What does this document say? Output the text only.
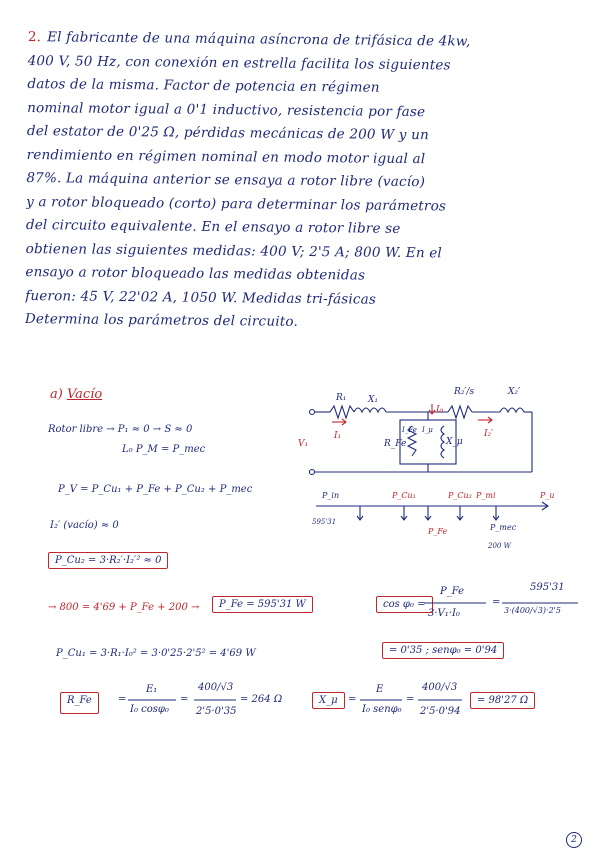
2. El fabricante de una máquina asíncrona de trifásica de 4kw,
400 V, 50 Hz, con conexión en estrella facilita los siguientes
datos de la misma. Factor de potencia en régimen
nominal motor igual a 0'1 inductivo, resistencia por fase
del estator de 0'25 Ω, pérdidas mecánicas de 200 W y un
rendimiento en régimen nominal en modo motor igual al
87%. La máquina anterior se ensaya a rotor libre (vacío)
y a rotor bloqueado (corto) para determinar los parámetros
del circuito equivalente. En el ensayo a rotor libre se
obtienen las siguientes medidas: 400 V; 2'5 A; 800 W. En el
ensayo a rotor bloqueado las medidas obtenidas
fueron: 45 V, 22'02 A, 1050 W. Medidas tri-fásicas
Determina los parámetros del circuito.
a) Vacío
Rotor libre → P₁ ≈ 0 → S ≈ 0
L₀ P_M = P_mec
P_V = P_Cu₁ + P_Fe + P_Cu₂ + P_mec
I₂′ (vacío) ≈ 0
P_Cu₂ = 3·R₂′·I₂′² ≈ 0
→ 800 = 4'69 + P_Fe + 200 →	P_Fe = 595'31 W
P_Cu₁ = 3·R₁·I₀² = 3·0'25·2'5² = 4'69 W
cos φ₀ =
P_Fe
3·V₁·I₀
=
595'31
3·(400/√3)·2'5
= 0'35 ; senφ₀ = 0'94
R_Fe	=
E₁
I₀ cosφ₀
=
400/√3
2'5·0'35
= 264 Ω	X_μ	=
E
I₀ senφ₀
=
400/√3
2'5·0'94
= 98'27 Ω
R₁ X₁
R₂′/s	X₂′
R_Fe	X_μ
I₀
I₁	I₂′
V₁
I_Fe I_μ
P_in	P_Cu₁
P_Fe
P_Cu₂ P_mi
P_mec
P_u
595'31
200 W
2
